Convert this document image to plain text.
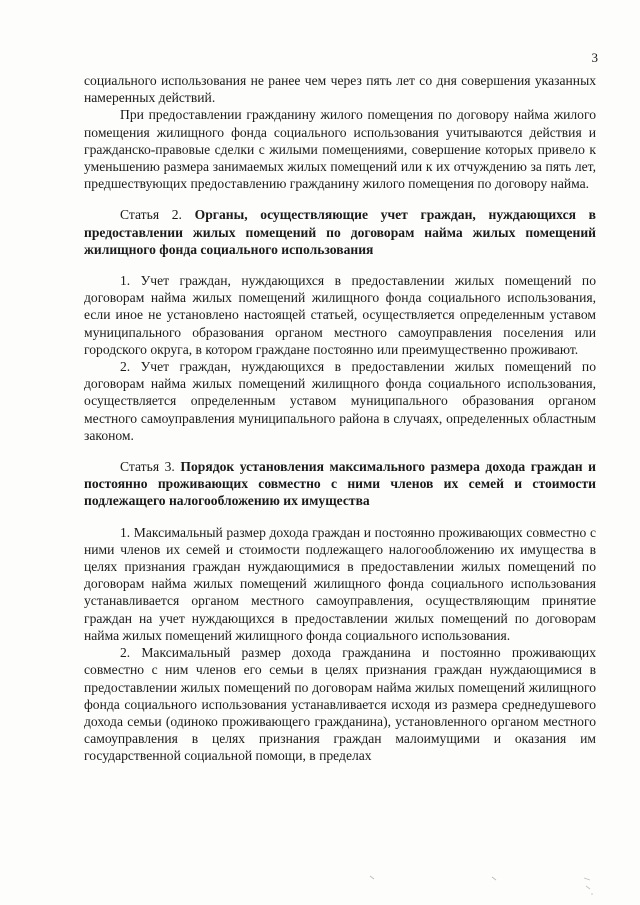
3

социального использования не ранее чем через пять лет со дня совершения указанных намеренных действий.

При предоставлении гражданину жилого помещения по договору найма жилого помещения жилищного фонда социального использования учитываются действия и гражданско-правовые сделки с жилыми помещениями, совершение которых привело к уменьшению размера занимаемых жилых помещений или к их отчуждению за пять лет, предшествующих предоставлению гражданину жилого помещения по договору найма.

Статья 2. Органы, осуществляющие учет граждан, нуждающихся в предоставлении жилых помещений по договорам найма жилых помещений жилищного фонда социального использования

1. Учет граждан, нуждающихся в предоставлении жилых помещений по договорам найма жилых помещений жилищного фонда социального использования, если иное не установлено настоящей статьей, осуществляется определенным уставом муниципального образования органом местного самоуправления поселения или городского округа, в котором граждане постоянно или преимущественно проживают.

2. Учет граждан, нуждающихся в предоставлении жилых помещений по договорам найма жилых помещений жилищного фонда социального использования, осуществляется определенным уставом муниципального образования органом местного самоуправления муниципального района в случаях, определенных областным законом.

Статья 3. Порядок установления максимального размера дохода граждан и постоянно проживающих совместно с ними членов их семей и стоимости подлежащего налогообложению их имущества

1. Максимальный размер дохода граждан и постоянно проживающих совместно с ними членов их семей и стоимости подлежащего налогообложению их имущества в целях признания граждан нуждающимися в предоставлении жилых помещений по договорам найма жилых помещений жилищного фонда социального использования устанавливается органом местного самоуправления, осуществляющим принятие граждан на учет нуждающихся в предоставлении жилых помещений по договорам найма жилых помещений жилищного фонда социального использования.

2. Максимальный размер дохода гражданина и постоянно проживающих совместно с ним членов его семьи в целях признания граждан нуждающимися в предоставлении жилых помещений по договорам найма жилых помещений жилищного фонда социального использования устанавливается исходя из размера среднедушевого дохода семьи (одиноко проживающего гражданина), установленного органом местного самоуправления в целях признания граждан малоимущими и оказания им государственной социальной помощи, в пределах
